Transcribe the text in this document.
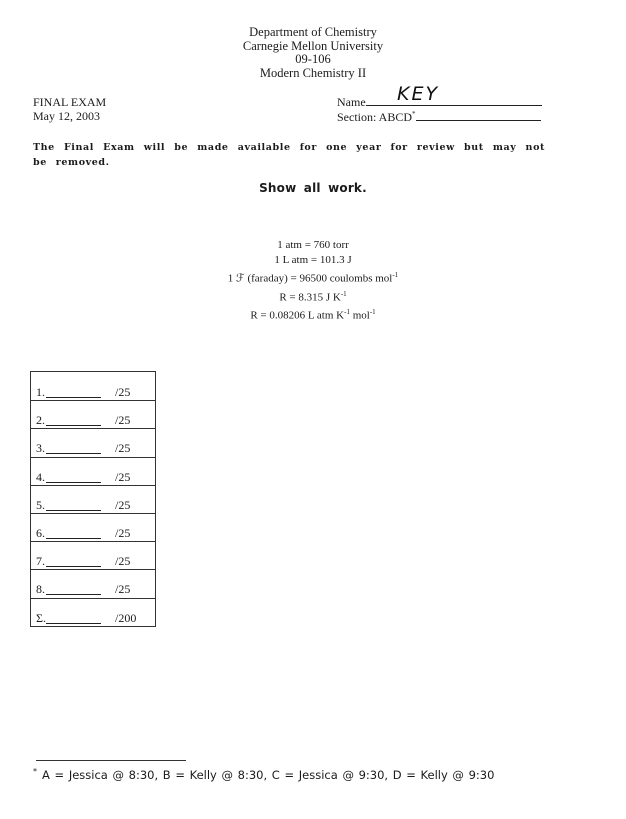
Department of Chemistry
Carnegie Mellon University
09-106
Modern Chemistry II
FINAL EXAM
May 12, 2003
Name KEY
Section: ABCD*
The Final Exam will be made available for one year for review but may not be removed.
Show all work.
1 atm = 760 torr
1 L atm = 101.3 J
1 ℱ (faraday) = 96500 coulombs mol$^{-1}$
R = 8.315 J $K^{-1}$
R = 0.08206 L atm $K^{-1}$ mol$^{-1}$
1.	/25
2.	/25
3.	/25
4.	/25
5.	/25
6.	/25
7.	/25
8.	/25
Σ.	/200
* A = Jessica @ 8:30, B = Kelly @ 8:30, C = Jessica @ 9:30, D = Kelly @ 9:30
